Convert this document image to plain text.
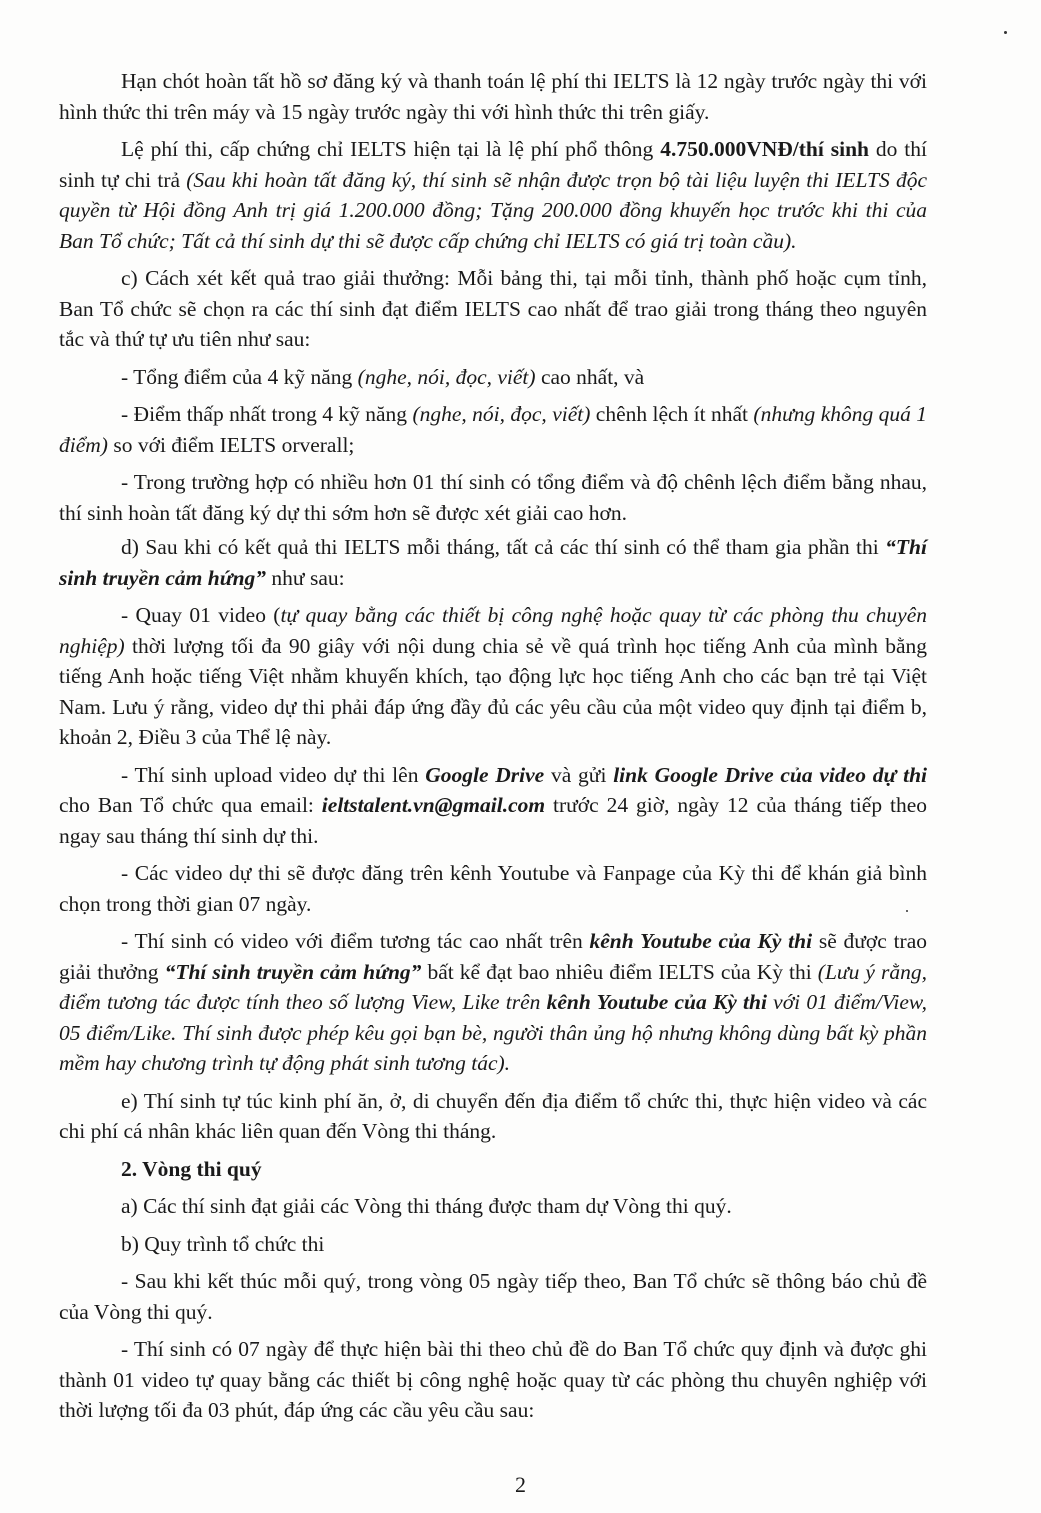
Hạn chót hoàn tất hồ sơ đăng ký và thanh toán lệ phí thi IELTS là 12 ngày trước ngày thi với hình thức thi trên máy và 15 ngày trước ngày thi với hình thức thi trên giấy.

Lệ phí thi, cấp chứng chỉ IELTS hiện tại là lệ phí phổ thông 4.750.000VNĐ/thí sinh do thí sinh tự chi trả (Sau khi hoàn tất đăng ký, thí sinh sẽ nhận được trọn bộ tài liệu luyện thi IELTS độc quyền từ Hội đồng Anh trị giá 1.200.000 đồng; Tặng 200.000 đồng khuyến học trước khi thi của Ban Tổ chức; Tất cả thí sinh dự thi sẽ được cấp chứng chỉ IELTS có giá trị toàn cầu).

c) Cách xét kết quả trao giải thưởng: Mỗi bảng thi, tại mỗi tỉnh, thành phố hoặc cụm tỉnh, Ban Tổ chức sẽ chọn ra các thí sinh đạt điểm IELTS cao nhất để trao giải trong tháng theo nguyên tắc và thứ tự ưu tiên như sau:

- Tổng điểm của 4 kỹ năng (nghe, nói, đọc, viết) cao nhất, và

- Điểm thấp nhất trong 4 kỹ năng (nghe, nói, đọc, viết) chênh lệch ít nhất (nhưng không quá 1 điểm) so với điểm IELTS orverall;

- Trong trường hợp có nhiều hơn 01 thí sinh có tổng điểm và độ chênh lệch điểm bằng nhau, thí sinh hoàn tất đăng ký dự thi sớm hơn sẽ được xét giải cao hơn.

d) Sau khi có kết quả thi IELTS mỗi tháng, tất cả các thí sinh có thể tham gia phần thi “Thí sinh truyền cảm hứng” như sau:

- Quay 01 video (tự quay bằng các thiết bị công nghệ hoặc quay từ các phòng thu chuyên nghiệp) thời lượng tối đa 90 giây với nội dung chia sẻ về quá trình học tiếng Anh của mình bằng tiếng Anh hoặc tiếng Việt nhằm khuyến khích, tạo động lực học tiếng Anh cho các bạn trẻ tại Việt Nam. Lưu ý rằng, video dự thi phải đáp ứng đầy đủ các yêu cầu của một video quy định tại điểm b, khoản 2, Điều 3 của Thể lệ này.

- Thí sinh upload video dự thi lên Google Drive và gửi link Google Drive của video dự thi cho Ban Tổ chức qua email: ieltstalent.vn@gmail.com trước 24 giờ, ngày 12 của tháng tiếp theo ngay sau tháng thí sinh dự thi.

- Các video dự thi sẽ được đăng trên kênh Youtube và Fanpage của Kỳ thi để khán giả bình chọn trong thời gian 07 ngày.

- Thí sinh có video với điểm tương tác cao nhất trên kênh Youtube của Kỳ thi sẽ được trao giải thưởng “Thí sinh truyền cảm hứng” bất kể đạt bao nhiêu điểm IELTS của Kỳ thi (Lưu ý rằng, điểm tương tác được tính theo số lượng View, Like trên kênh Youtube của Kỳ thi với 01 điểm/View, 05 điểm/Like. Thí sinh được phép kêu gọi bạn bè, người thân ủng hộ nhưng không dùng bất kỳ phần mềm hay chương trình tự động phát sinh tương tác).

e) Thí sinh tự túc kinh phí ăn, ở, di chuyển đến địa điểm tổ chức thi, thực hiện video và các chi phí cá nhân khác liên quan đến Vòng thi tháng.

2. Vòng thi quý

a) Các thí sinh đạt giải các Vòng thi tháng được tham dự Vòng thi quý.

b) Quy trình tổ chức thi

- Sau khi kết thúc mỗi quý, trong vòng 05 ngày tiếp theo, Ban Tổ chức sẽ thông báo chủ đề của Vòng thi quý.

- Thí sinh có 07 ngày để thực hiện bài thi theo chủ đề do Ban Tổ chức quy định và được ghi thành 01 video tự quay bằng các thiết bị công nghệ hoặc quay từ các phòng thu chuyên nghiệp với thời lượng tối đa 03 phút, đáp ứng các cầu yêu cầu sau:

2
